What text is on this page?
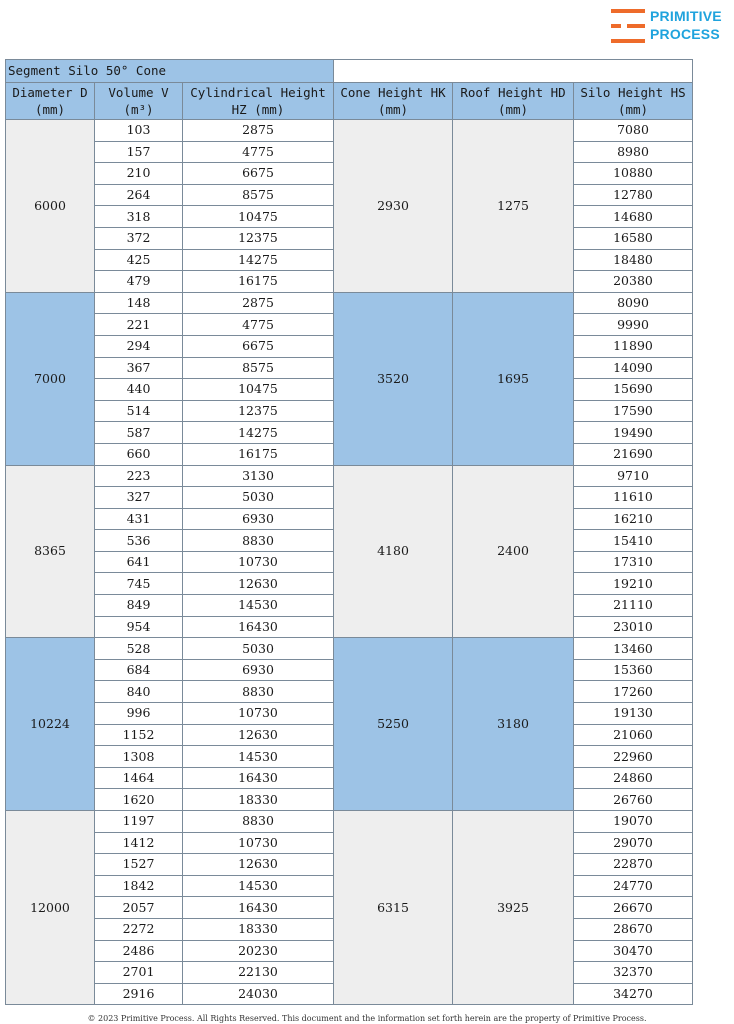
PRIMITIVE
PROCESS
Segment Silo 50° Cone					
Diameter D (mm)	Volume V (m³)	Cylindrical Height HZ (mm)	Cone Height HK (mm)	Roof Height HD (mm)	Silo Height HS (mm)
6000	103	2875	2930	1275	7080
	157	4775			8980
	210	6675			10880
	264	8575			12780
	318	10475			14680
	372	12375			16580
	425	14275			18480
	479	16175			20380
7000	148	2875	3520	1695	8090
	221	4775			9990
	294	6675			11890
	367	8575			14090
	440	10475			15690
	514	12375			17590
	587	14275			19490
	660	16175			21690
8365	223	3130	4180	2400	9710
	327	5030			11610
	431	6930			16210
	536	8830			15410
	641	10730			17310
	745	12630			19210
	849	14530			21110
	954	16430			23010
10224	528	5030	5250	3180	13460
	684	6930			15360
	840	8830			17260
	996	10730			19130
	1152	12630			21060
	1308	14530			22960
	1464	16430			24860
	1620	18330			26760
12000	1197	8830	6315	3925	19070
	1412	10730			29070
	1527	12630			22870
	1842	14530			24770
	2057	16430			26670
	2272	18330			28670
	2486	20230			30470
	2701	22130			32370
	2916	24030			34270
© 2023 Primitive Process. All Rights Reserved. This document and the information set forth herein are the property of Primitive Process.
